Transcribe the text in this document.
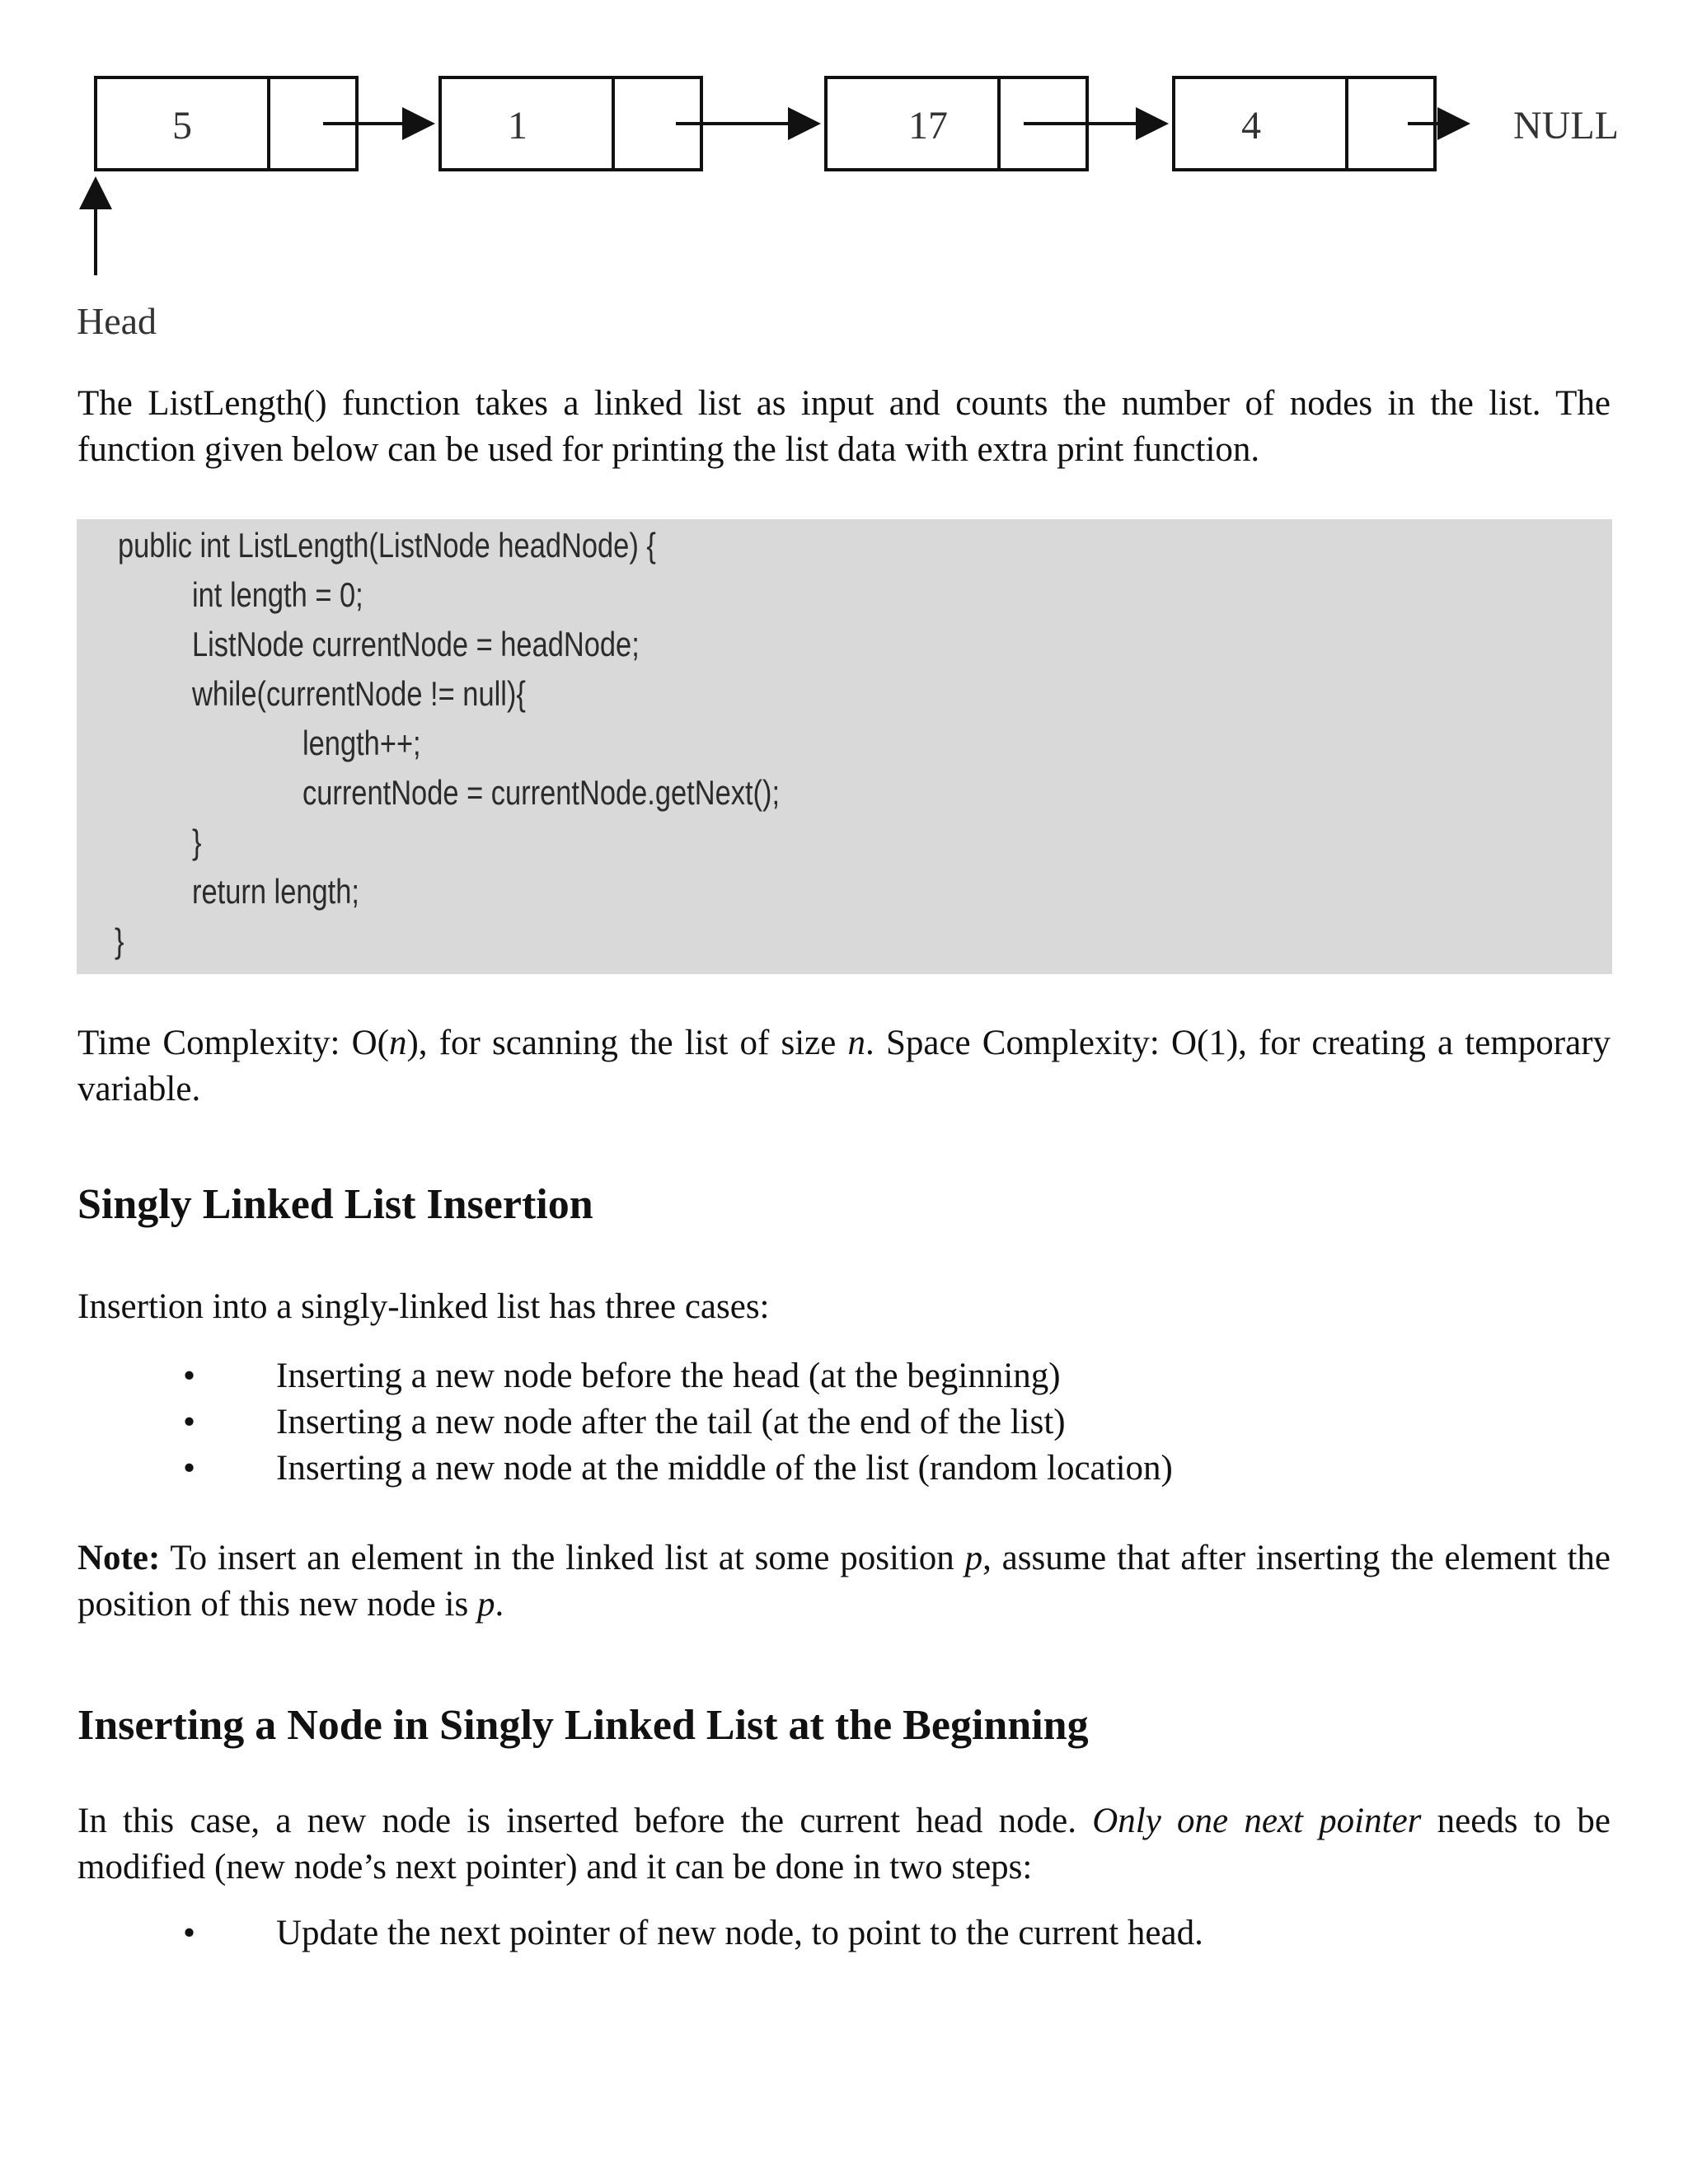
5	1	17	4	NULL
Head

The ListLength() function takes a linked list as input and counts the number of nodes in the list. The function given below can be used for printing the list data with extra print function.

public int ListLength(ListNode headNode) {

int length = 0;

ListNode currentNode = headNode;

while(currentNode != null){

length++;

currentNode = currentNode.getNext();

}

return length;

}

Time Complexity: O(n), for scanning the list of size n. Space Complexity: O(1), for creating a temporary variable.

Singly Linked List Insertion

Insertion into a singly-linked list has three cases:

• Inserting a new node before the head (at the beginning)
• Inserting a new node after the tail (at the end of the list)
• Inserting a new node at the middle of the list (random location)

Note: To insert an element in the linked list at some position p, assume that after inserting the element the position of this new node is p.

Inserting a Node in Singly Linked List at the Beginning

In this case, a new node is inserted before the current head node. Only one next pointer needs to be modified (new node’s next pointer) and it can be done in two steps:

• Update the next pointer of new node, to point to the current head.
